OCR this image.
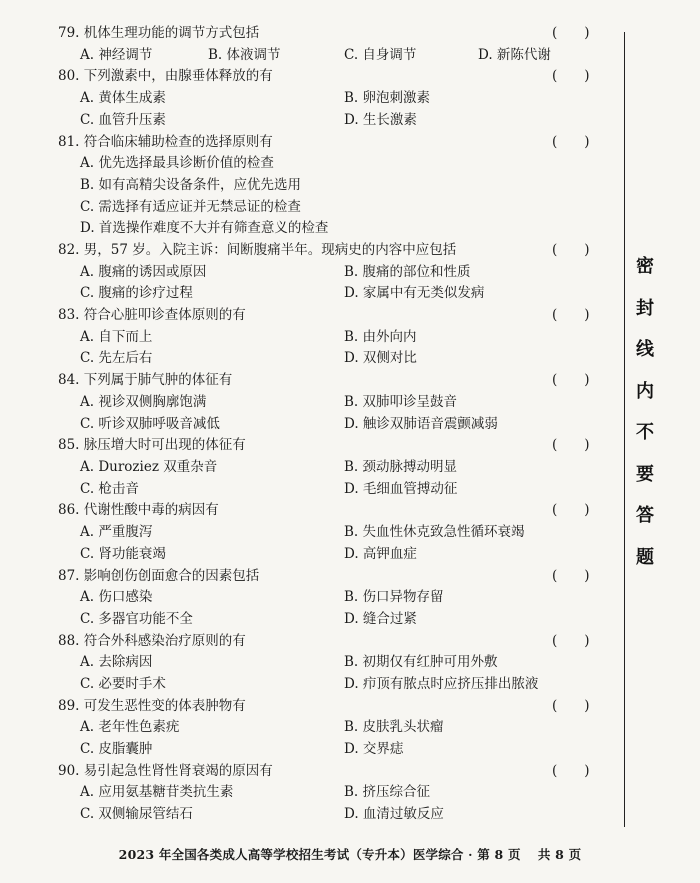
79. 机体生理功能的调节方式包括	(　　)
A. 神经调节	B. 体液调节	C. 自身调节	D. 新陈代谢
80. 下列激素中，由腺垂体释放的有	(　　)
A. 黄体生成素	B. 卵泡刺激素
C. 血管升压素	D. 生长激素
81. 符合临床辅助检查的选择原则有	(　　)
A. 优先选择最具诊断价值的检查
B. 如有高精尖设备条件，应优先选用
C. 需选择有适应证并无禁忌证的检查
D. 首选操作难度不大并有筛查意义的检查
82. 男，57 岁。入院主诉：间断腹痛半年。现病史的内容中应包括	(　　)
A. 腹痛的诱因或原因	B. 腹痛的部位和性质
C. 腹痛的诊疗过程	D. 家属中有无类似发病
83. 符合心脏叩诊查体原则的有	(　　)
A. 自下而上	B. 由外向内
C. 先左后右	D. 双侧对比
84. 下列属于肺气肿的体征有	(　　)
A. 视诊双侧胸廓饱满	B. 双肺叩诊呈鼓音
C. 听诊双肺呼吸音减低	D. 触诊双肺语音震颤减弱
85. 脉压增大时可出现的体征有	(　　)
A. Duroziez 双重杂音	B. 颈动脉搏动明显
C. 枪击音	D. 毛细血管搏动征
86. 代谢性酸中毒的病因有	(　　)
A. 严重腹泻	B. 失血性休克致急性循环衰竭
C. 肾功能衰竭	D. 高钾血症
87. 影响创伤创面愈合的因素包括	(　　)
A. 伤口感染	B. 伤口异物存留
C. 多器官功能不全	D. 缝合过紧
88. 符合外科感染治疗原则的有	(　　)
A. 去除病因	B. 初期仅有红肿可用外敷
C. 必要时手术	D. 疖顶有脓点时应挤压排出脓液
89. 可发生恶性变的体表肿物有	(　　)
A. 老年性色素疣	B. 皮肤乳头状瘤
C. 皮脂囊肿	D. 交界痣
90. 易引起急性肾性肾衰竭的原因有	(　　)
A. 应用氨基糖苷类抗生素	B. 挤压综合征
C. 双侧输尿管结石	D. 血清过敏反应
密
封
线
内
不
要
答
题
2023 年全国各类成人高等学校招生考试（专升本）医学综合 · 第 8 页　 共 8 页
